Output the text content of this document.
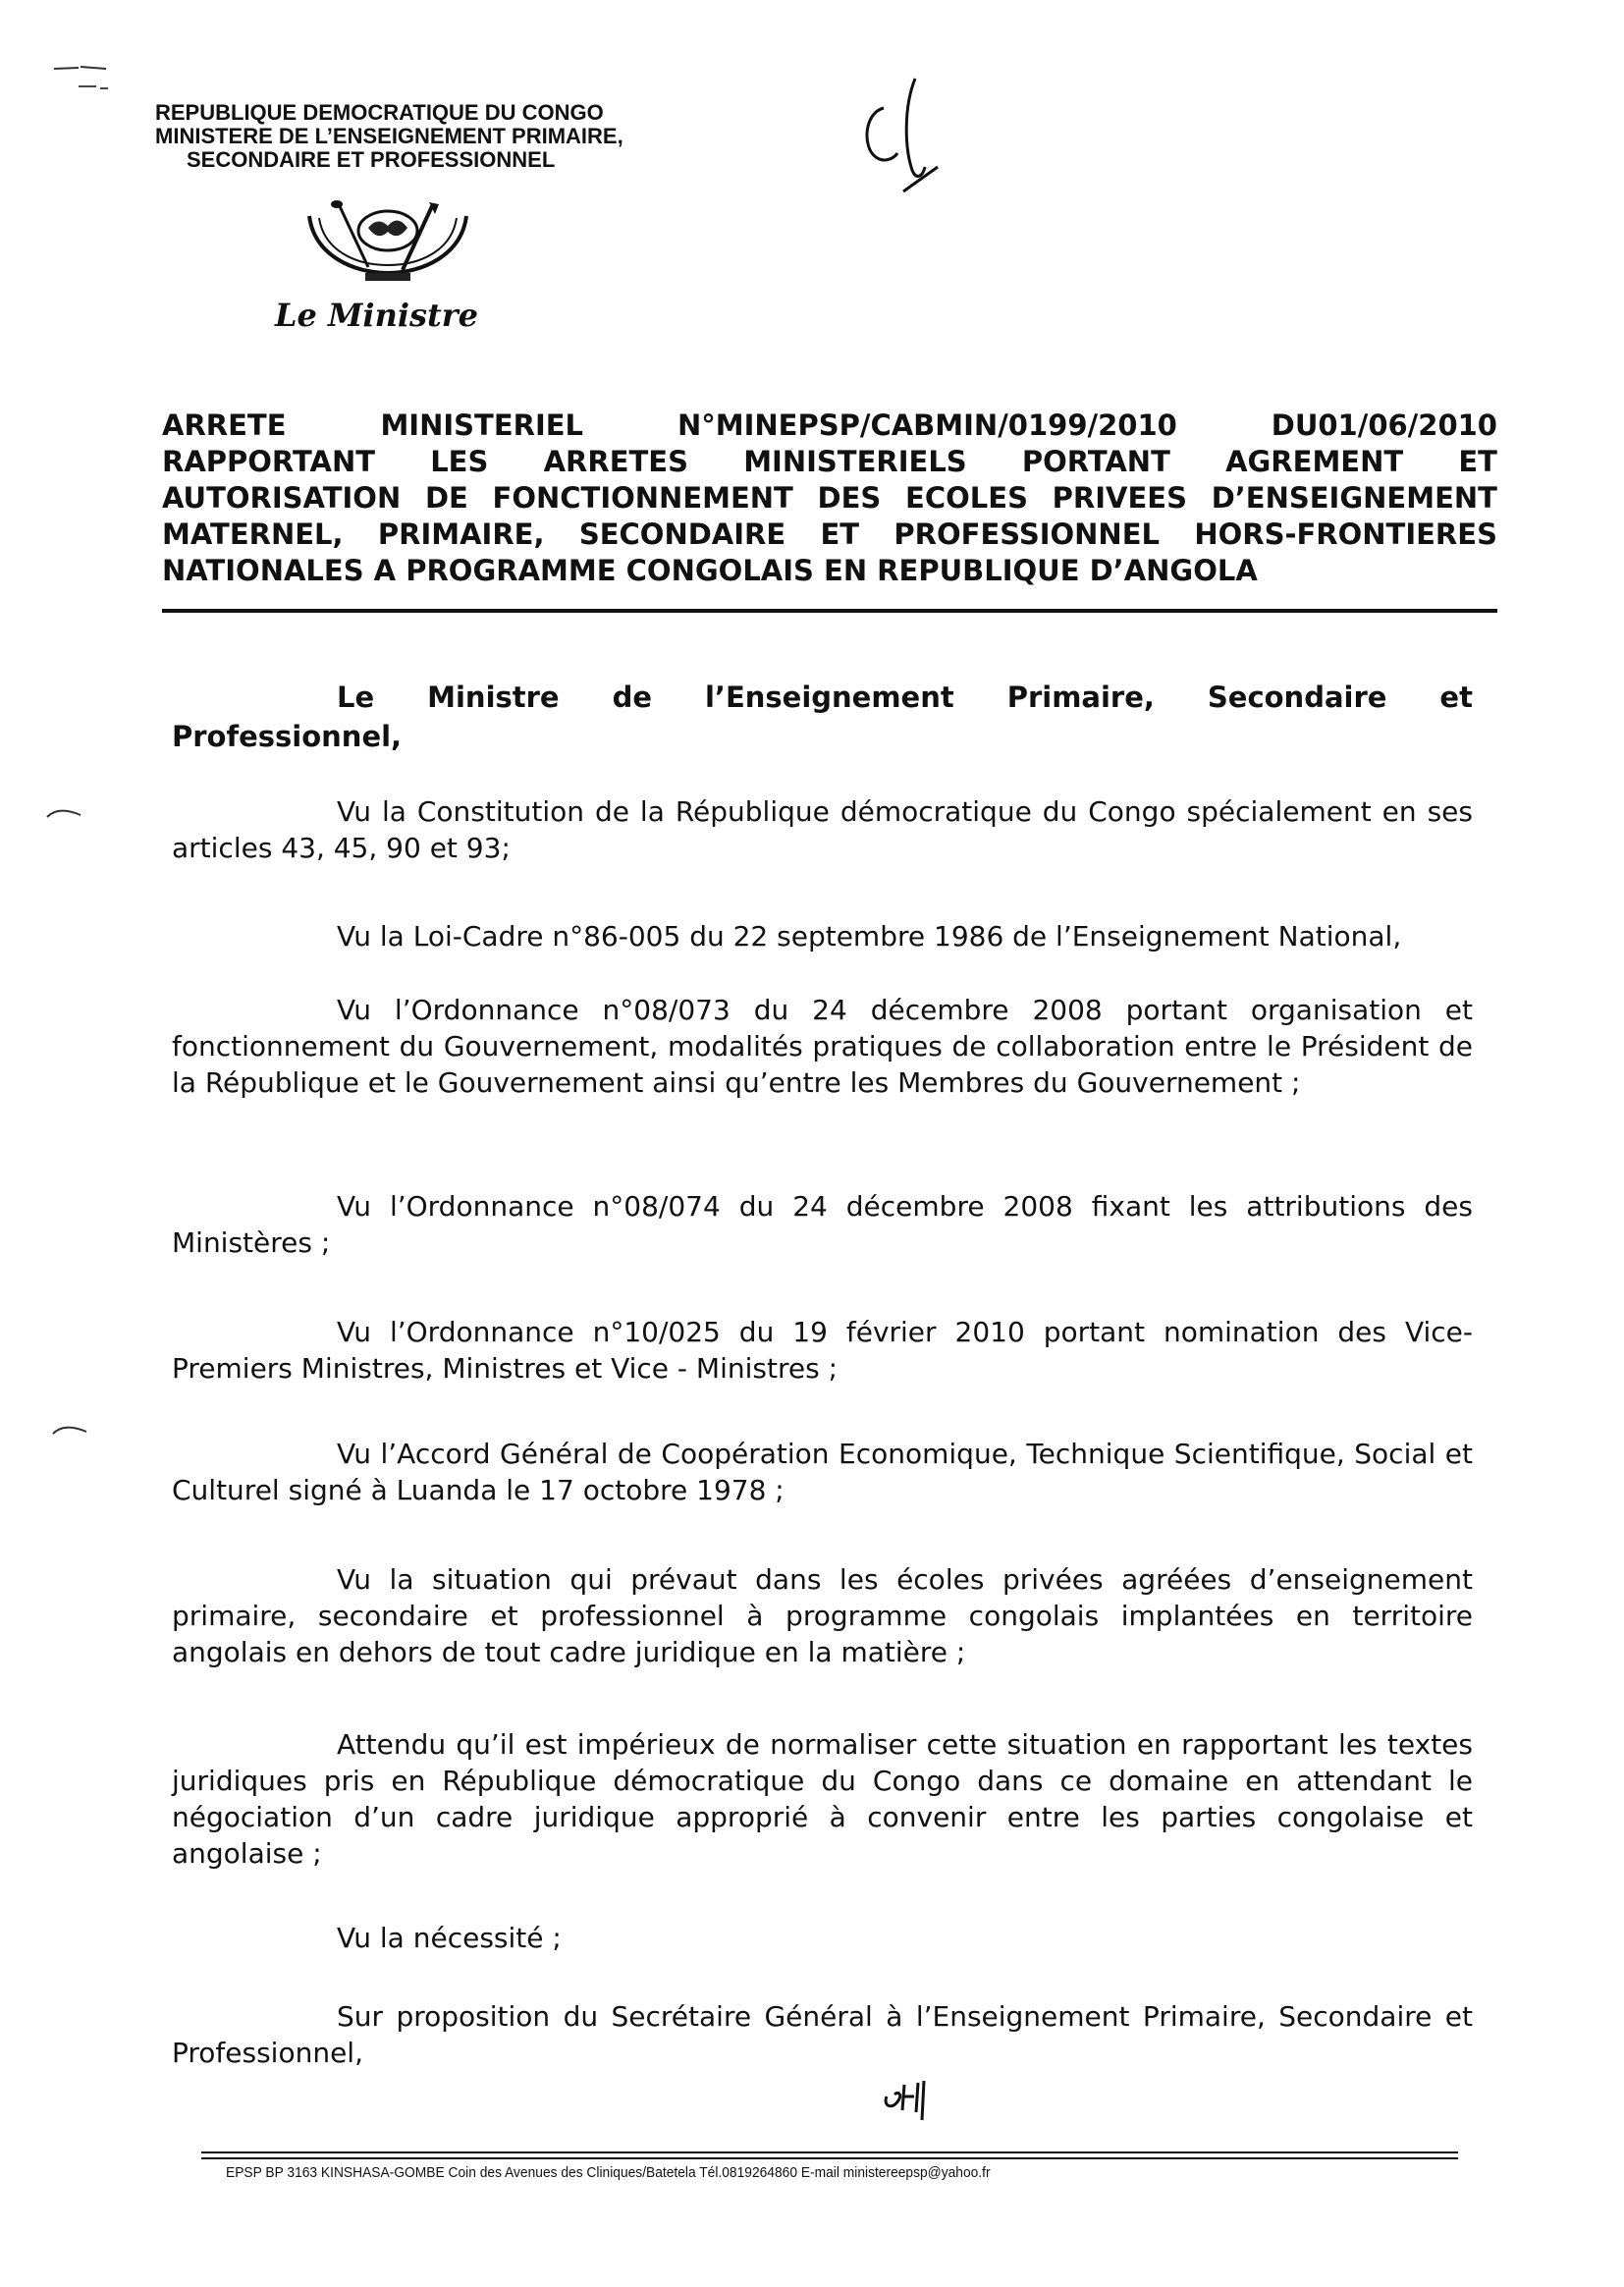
REPUBLIQUE DEMOCRATIQUE DU CONGO
MINISTERE DE L’ENSEIGNEMENT PRIMAIRE,
SECONDAIRE ET PROFESSIONNEL
Le Ministre
ARRETE	MINISTERIEL	N°MINEPSP/CABMIN/0199/2010	DU01/06/2010
RAPPORTANT LES ARRETES MINISTERIELS PORTANT AGREMENT ET
AUTORISATION DE FONCTIONNEMENT DES ECOLES PRIVEES D’ENSEIGNEMENT
MATERNEL, PRIMAIRE, SECONDAIRE ET PROFESSIONNEL HORS-FRONTIERES
NATIONALES A PROGRAMME CONGOLAIS EN REPUBLIQUE D’ANGOLA
Le Ministre de l’Enseignement Primaire, Secondaire et
Professionnel,
Vu la Constitution de la République démocratique du Congo spécialement en ses articles 43, 45, 90 et 93;
Vu la Loi-Cadre n°86-005 du 22 septembre 1986 de l’Enseignement National,
Vu l’Ordonnance n°08/073 du 24 décembre 2008 portant organisation et fonctionnement du Gouvernement, modalités pratiques de collaboration entre le Président de la République et le Gouvernement ainsi qu’entre les Membres du Gouvernement ;
Vu l’Ordonnance n°08/074 du 24 décembre 2008 fixant les attributions des Ministères ;
Vu l’Ordonnance n°10/025 du 19 février 2010 portant nomination des Vice-Premiers Ministres, Ministres et Vice - Ministres ;
Vu l’Accord Général de Coopération Economique, Technique Scientifique, Social et Culturel signé à Luanda le 17 octobre 1978 ;
Vu la situation qui prévaut dans les écoles privées agréées d’enseignement primaire, secondaire et professionnel à programme congolais implantées en territoire angolais en dehors de tout cadre juridique en la matière ;
Attendu qu’il est impérieux de normaliser cette situation en rapportant les textes juridiques pris en République démocratique du Congo dans ce domaine en attendant le négociation d’un cadre juridique approprié à convenir entre les parties congolaise et angolaise ;
Vu la nécessité ;
Sur proposition du Secrétaire Général à l’Enseignement Primaire, Secondaire et Professionnel,
EPSP BP 3163 KINSHASA-GOMBE Coin des Avenues des Cliniques/Batetela Tél.0819264860 E-mail ministereepsp@yahoo.fr
